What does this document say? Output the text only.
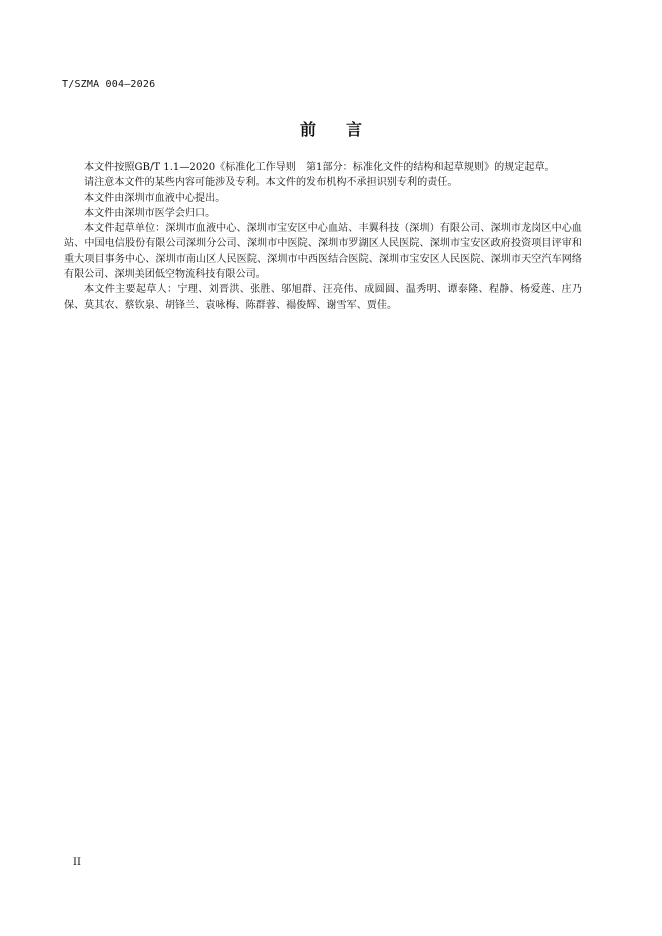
T/SZMA 004—2026
前 言

本文件按照GB/T 1.1—2020《标准化工作导则　第1部分：标准化文件的结构和起草规则》的规定起草。

请注意本文件的某些内容可能涉及专利。本文件的发布机构不承担识别专利的责任。

本文件由深圳市血液中心提出。

本文件由深圳市医学会归口。

本文件起草单位：深圳市血液中心、深圳市宝安区中心血站、丰翼科技（深圳）有限公司、深圳市龙岗区中心血站、中国电信股份有限公司深圳分公司、深圳市中医院、深圳市罗湖区人民医院、深圳市宝安区政府投资项目评审和重大项目事务中心、深圳市南山区人民医院、深圳市中西医结合医院、深圳市宝安区人民医院、深圳市天空汽车网络有限公司、深圳美团低空物流科技有限公司。

本文件主要起草人：宁理、刘晋洪、张胜、邬旭群、汪亮伟、成圆圆、温秀明、谭泰隆、程静、杨爱莲、庄乃保、莫其农、蔡钦泉、胡锋兰、袁咏梅、陈群蓉、褟俊辉、谢雪军、贾佳。

II
